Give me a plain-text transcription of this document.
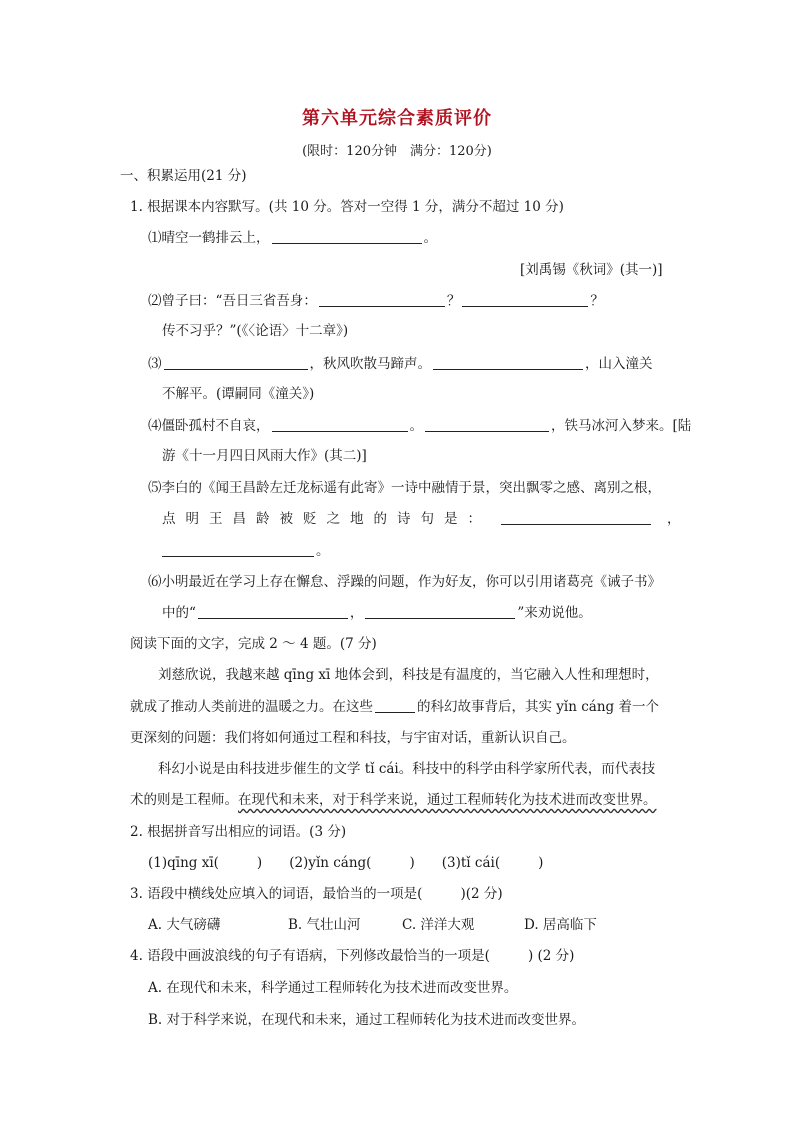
第六单元综合素质评价
(限时：120分钟　满分：120分)
一、积累运用(21 分)
1. 根据课本内容默写。(共 10 分。答对一空得 1 分，满分不超过 10 分)
⑴晴空一鹤排云上，	。
[刘禹锡《秋词》(其一)]
⑵曾子曰：“吾日三省吾身：	？	？
传不习乎？”(《〈论语〉十二章》)
⑶	，秋风吹散马蹄声。	，山入潼关
不解平。(谭嗣同《潼关》)
⑷僵卧孤村不自哀，	。	，铁马冰河入梦来。[陆
游《十一月四日风雨大作》(其二)]
⑸李白的《闻王昌龄左迁龙标遥有此寄》一诗中融情于景，突出飘零之感、离别之根，
点明王昌龄被贬之地的诗句是：	，
。
⑹小明最近在学习上存在懈怠、浮躁的问题，作为好友，你可以引用诸葛亮《诫子书》
中的“	，	”来劝说他。
阅读下面的文字，完成 2 ～ 4 题。(7 分)
刘慈欣说，我越来越 qīng xī 地体会到，科技是有温度的，当它融入人性和理想时，
就成了推动人类前进的温暖之力。在这些	的科幻故事背后，其实 yǐn cáng 着一个
更深刻的问题：我们将如何通过工程和科技，与宇宙对话，重新认识自己。
科幻小说是由科技进步催生的文学 tǐ cái。科技中的科学由科学家所代表，而代表技
术的则是工程师。在现代和未来，对于科学来说，通过工程师转化为技术进而改变世界。
2. 根据拼音写出相应的词语。(3 分)
(1)qīng xī(	)　　(2)yǐn cáng(	)　　(3)tǐ cái(	)
3. 语段中横线处应填入的词语，最恰当的一项是(	)(2 分)
A. 大气磅礴	B. 气壮山河	C. 洋洋大观	D. 居高临下
4. 语段中画波浪线的句子有语病，下列修改最恰当的一项是(	) (2 分)
A. 在现代和未来，科学通过工程师转化为技术进而改变世界。
B. 对于科学来说，在现代和未来，通过工程师转化为技术进而改变世界。
